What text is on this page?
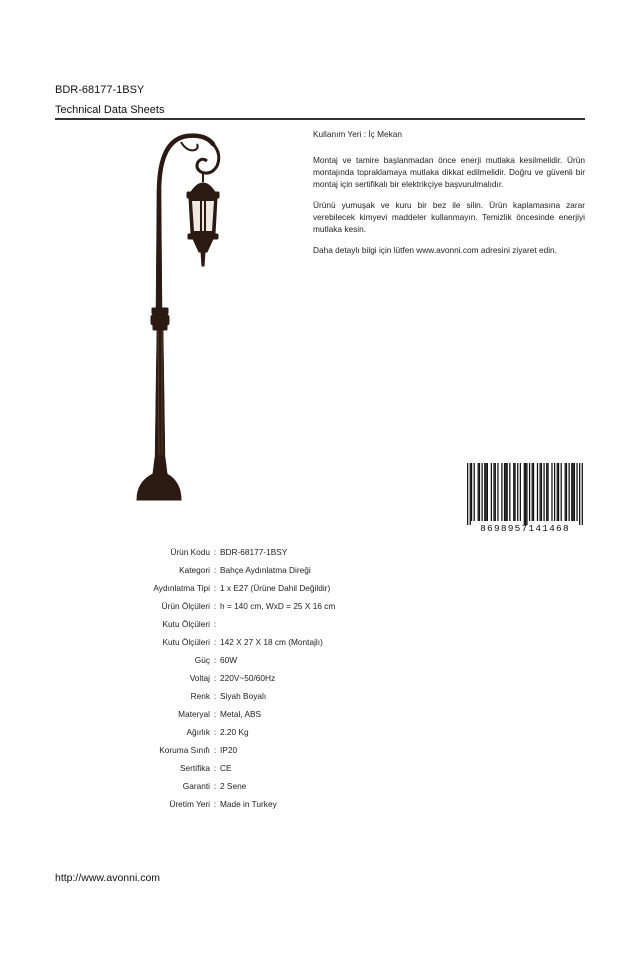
BDR-68177-1BSY
Technical Data Sheets

Kullanım Yeri : İç Mekan

Montaj ve tamire başlanmadan önce enerji mutlaka kesilmelidir. Ürün montajında topraklamaya mutlaka dikkat edilmelidir. Doğru ve güvenli bir montaj için sertifikalı bir elektrikçiye başvurulmalıdır.

Ürünü yumuşak ve kuru bir bez ile silin. Ürün kaplamasına zarar verebilecek kimyevi maddeler kullanmayın. Temizlik öncesinde enerjiyi mutlaka kesin.

Daha detaylı bilgi için lütfen www.avonni.com adresini ziyaret edin.

8698957141468
Ürün Kodu : BDR-68177-1BSY
Kategori : Bahçe Aydınlatma Direği
Aydınlatma Tipi : 1 x E27 (Ürüne Dahil Değildir)
Ürün Ölçüleri : h = 140 cm, WxD = 25 X 16 cm
Kutu Ölçüleri :
Kutu Ölçüleri : 142 X 27 X 18 cm (Montajlı)
Güç : 60W
Voltaj : 220V~50/60Hz
Renk : Siyah Boyalı
Materyal : Metal, ABS
Ağırlık : 2.20 Kg
Koruma Sınıfı : IP20
Sertifika : CE
Garanti : 2 Sene
Üretim Yeri : Made in Turkey
http://www.avonni.com
